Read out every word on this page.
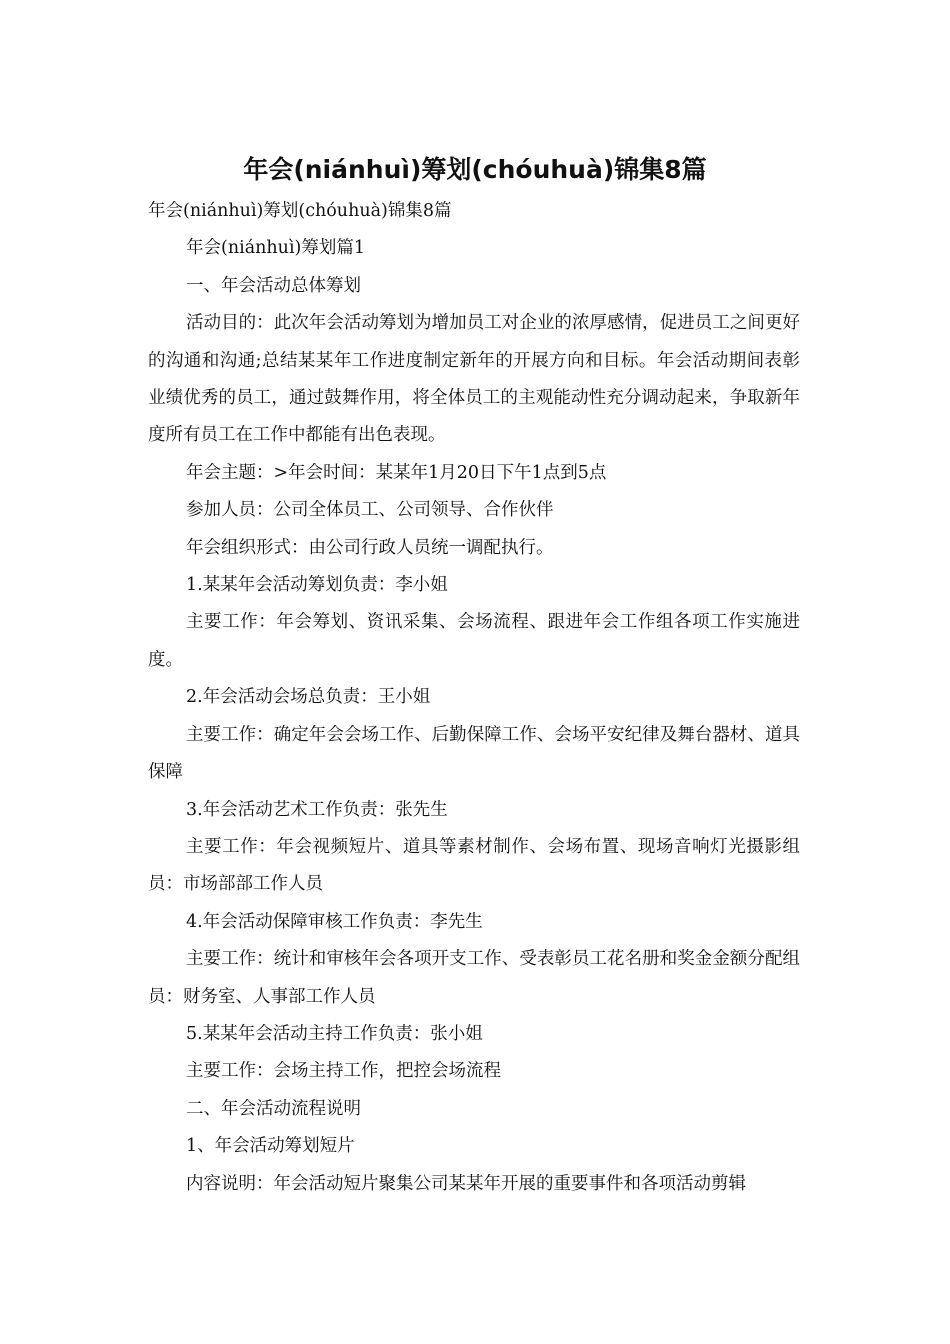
年会(niánhuì)筹划(chóuhuà)锦集8篇

年会(niánhuì)筹划(chóuhuà)锦集8篇

年会(niánhuì)筹划篇1

一、年会活动总体筹划

活动目的：此次年会活动筹划为增加员工对企业的浓厚感情，促进员工之间更好的沟通和沟通;总结某某年工作进度制定新年的开展方向和目标。年会活动期间表彰业绩优秀的员工，通过鼓舞作用，将全体员工的主观能动性充分调动起来，争取新年度所有员工在工作中都能有出色表现。

年会主题：>年会时间：某某年1月20日下午1点到5点

参加人员：公司全体员工、公司领导、合作伙伴

年会组织形式：由公司行政人员统一调配执行。

1.某某年会活动筹划负责：李小姐

主要工作：年会筹划、资讯采集、会场流程、跟进年会工作组各项工作实施进度。

2.年会活动会场总负责：王小姐

主要工作：确定年会会场工作、后勤保障工作、会场平安纪律及舞台器材、道具保障

3.年会活动艺术工作负责：张先生

主要工作：年会视频短片、道具等素材制作、会场布置、现场音响灯光摄影组员：市场部部工作人员

4.年会活动保障审核工作负责：李先生

主要工作：统计和审核年会各项开支工作、受表彰员工花名册和奖金金额分配组员：财务室、人事部工作人员

5.某某年会活动主持工作负责：张小姐

主要工作：会场主持工作，把控会场流程

二、年会活动流程说明

1、年会活动筹划短片

内容说明：年会活动短片聚集公司某某年开展的重要事件和各项活动剪辑
